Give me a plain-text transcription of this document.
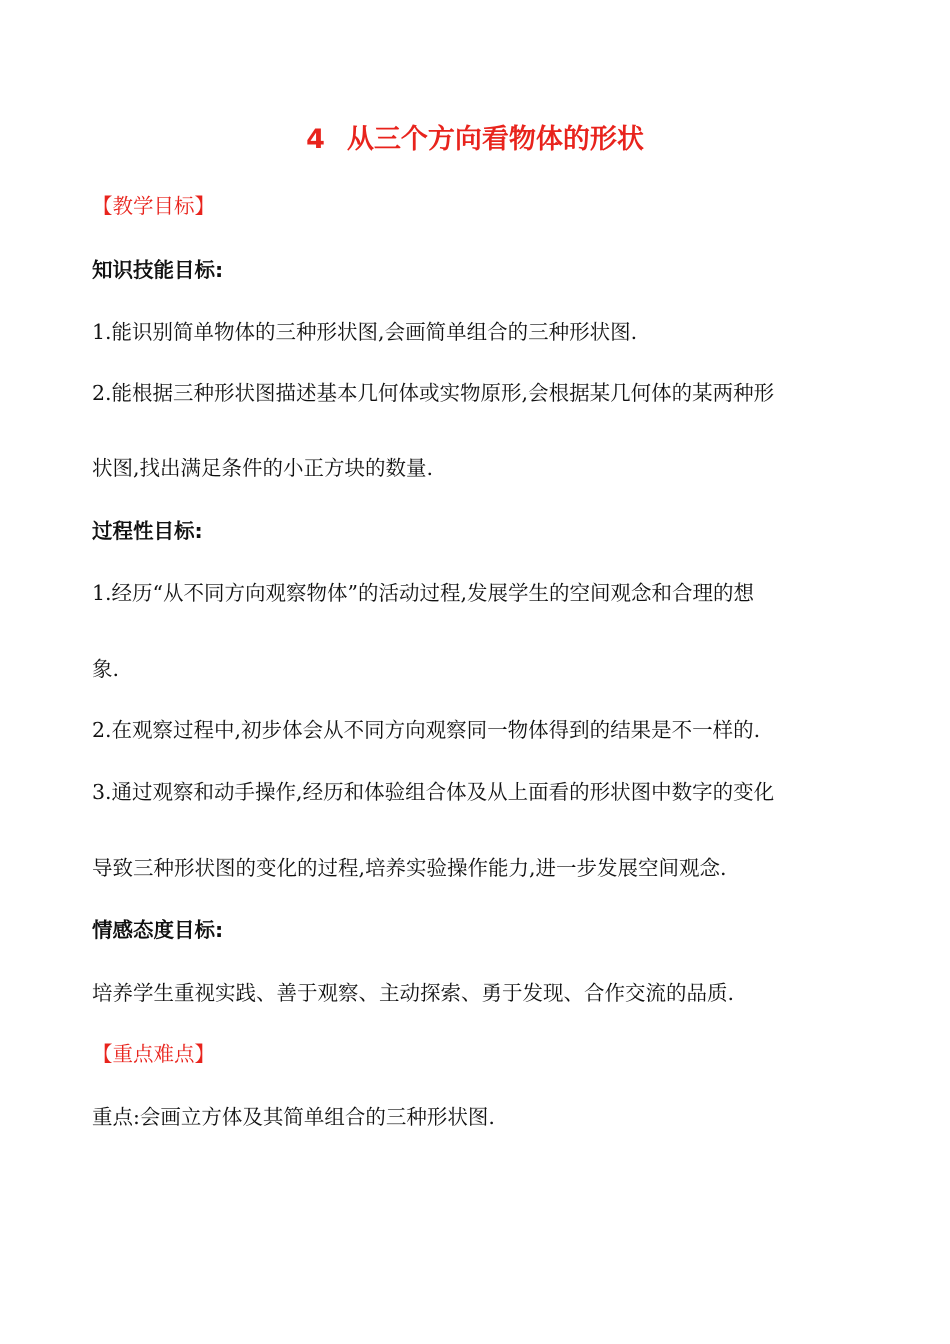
4 从三个方向看物体的形状
【教学目标】
知识技能目标:
1.能识别简单物体的三种形状图,会画简单组合的三种形状图.
2.能根据三种形状图描述基本几何体或实物原形,会根据某几何体的某两种形
状图,找出满足条件的小正方块的数量.
过程性目标:
1.经历“从不同方向观察物体”的活动过程,发展学生的空间观念和合理的想
象.
2.在观察过程中,初步体会从不同方向观察同一物体得到的结果是不一样的.
3.通过观察和动手操作,经历和体验组合体及从上面看的形状图中数字的变化
导致三种形状图的变化的过程,培养实验操作能力,进一步发展空间观念.
情感态度目标:
培养学生重视实践、善于观察、主动探索、勇于发现、合作交流的品质.
【重点难点】
重点:会画立方体及其简单组合的三种形状图.
